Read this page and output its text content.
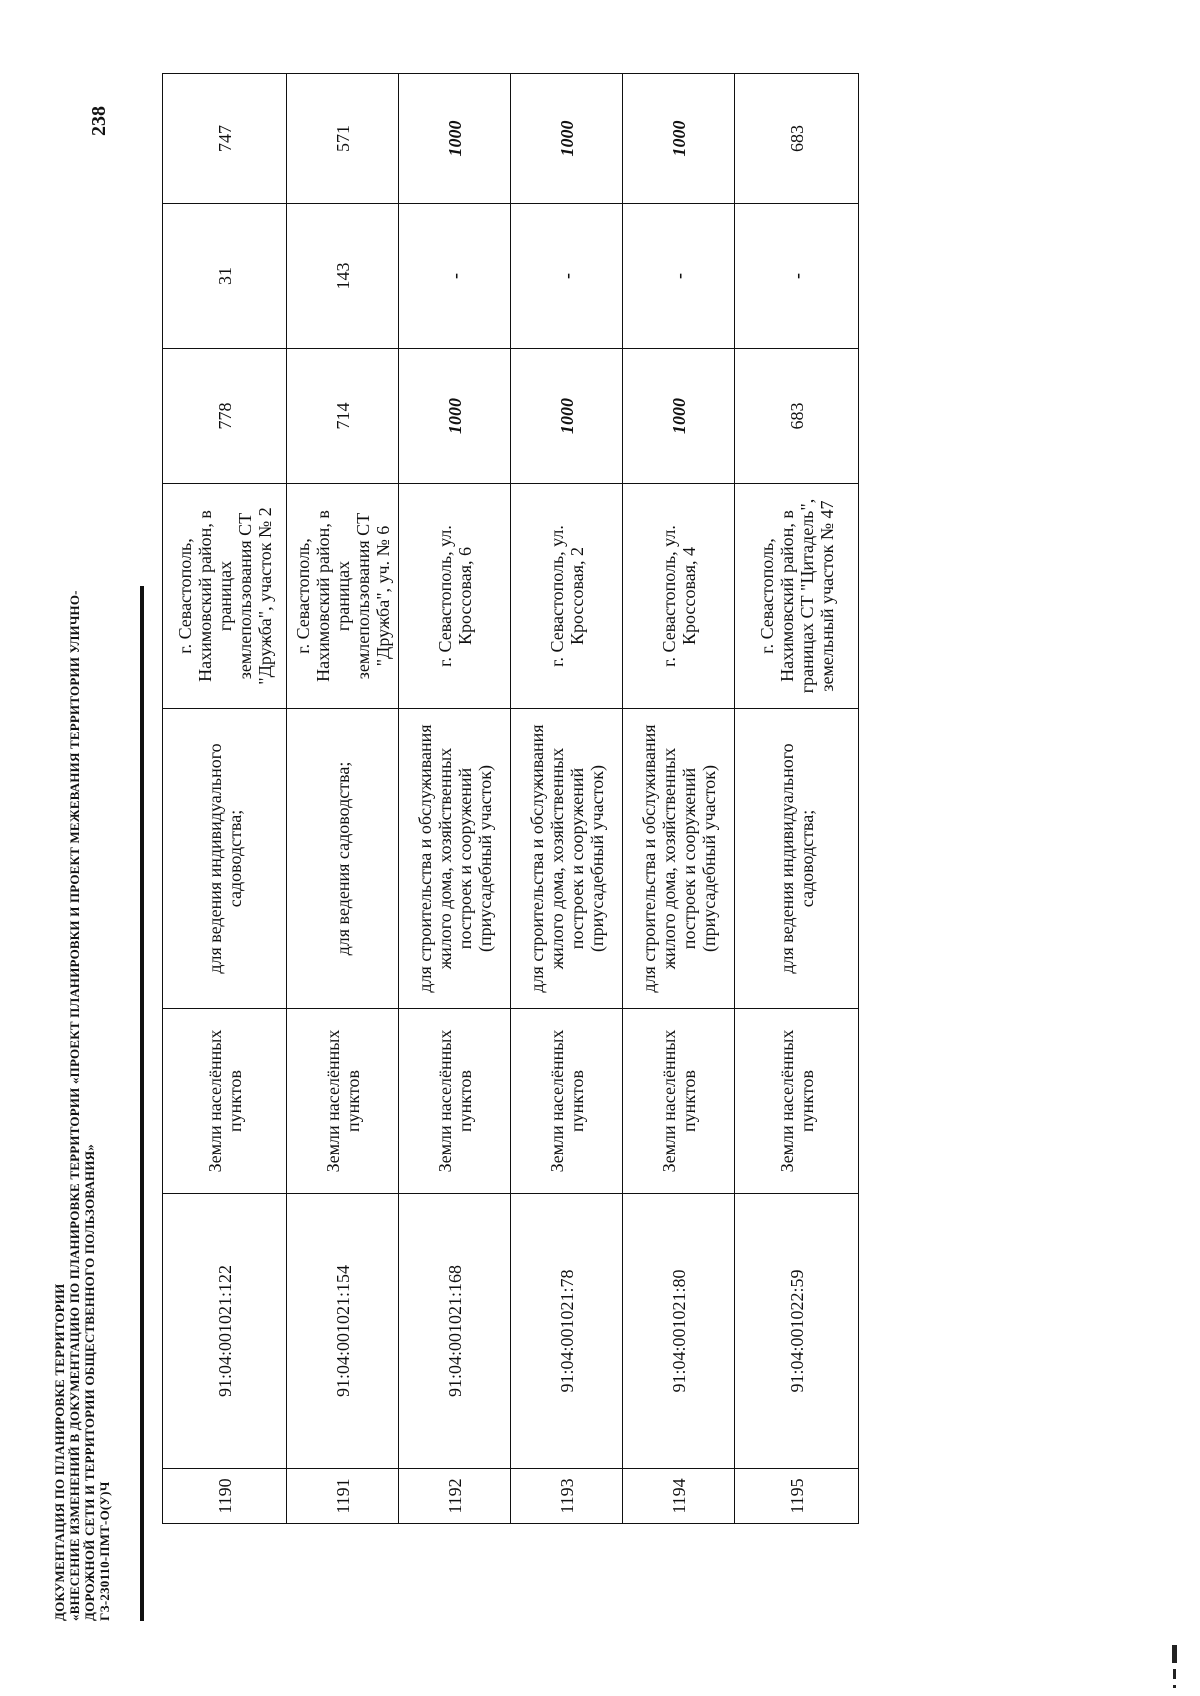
ДОКУМЕНТАЦИЯ ПО ПЛАНИРОВКЕ ТЕРРИТОРИИ «ВНЕСЕНИЕ ИЗМЕНЕНИЙ В ДОКУМЕНТАЦИЮ ПО ПЛАНИРОВКЕ ТЕРРИТОРИИ «ПРОЕКТ ПЛАНИРОВКИ И ПРОЕКТ МЕЖЕВАНИЯ ТЕРРИТОРИИ УЛИЧНО- ДОРОЖНОЙ СЕТИ И ТЕРРИТОРИИ ОБЩЕСТВЕННОГО ПОЛЬЗОВАНИЯ» ГЗ-230110-ПМТ-О(У)Ч
238
1190	91:04:001021:122	Земли населённых пунктов	для ведения индивидуального садоводства;	г. Севастополь, Нахимовский район, в границах землепользования СТ "Дружба", участок № 2	778	31	747
1191	91:04:001021:154	Земли населённых пунктов	для ведения садоводства;	г. Севастополь, Нахимовский район, в границах землепользования СТ "Дружба", уч. № 6	714	143	571
1192	91:04:001021:168	Земли населённых пунктов	для строительства и обслуживания жилого дома, хозяйственных построек и сооружений (приусадебный участок)	г. Севастополь, ул. Кроссовая, 6	1000	-	1000
1193	91:04:001021:78	Земли населённых пунктов	для строительства и обслуживания жилого дома, хозяйственных построек и сооружений (приусадебный участок)	г. Севастополь, ул. Кроссовая, 2	1000	-	1000
1194	91:04:001021:80	Земли населённых пунктов	для строительства и обслуживания жилого дома, хозяйственных построек и сооружений (приусадебный участок)	г. Севастополь, ул. Кроссовая, 4	1000	-	1000
1195	91:04:001022:59	Земли населённых пунктов	для ведения индивидуального садоводства;	г. Севастополь, Нахимовский район, в границах СТ "Цитадель", земельный участок № 47	683	-	683
